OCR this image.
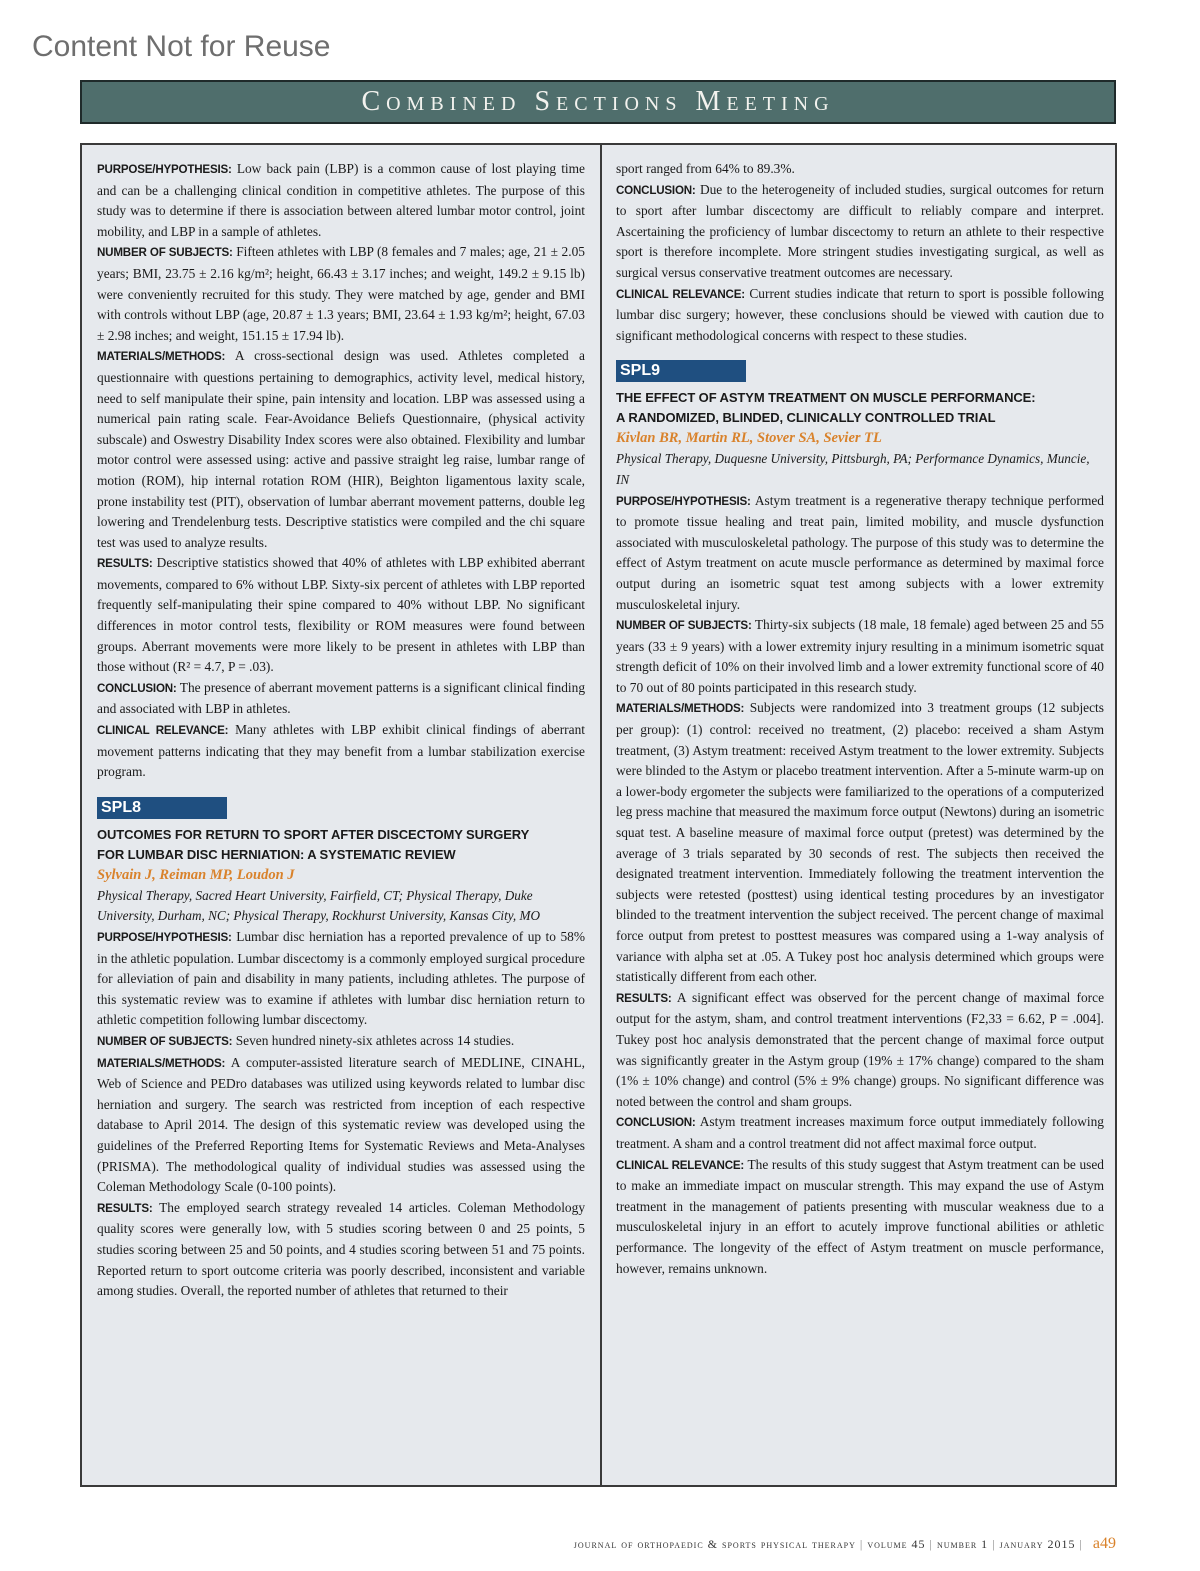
Content Not for Reuse
Combined Sections Meeting

PURPOSE/HYPOTHESIS: Low back pain (LBP) is a common cause of lost playing time and can be a challenging clinical condition in competitive athletes. The purpose of this study was to determine if there is association between altered lumbar motor control, joint mobility, and LBP in a sample of athletes.

NUMBER OF SUBJECTS: Fifteen athletes with LBP (8 females and 7 males; age, 21 ± 2.05 years; BMI, 23.75 ± 2.16 kg/m²; height, 66.43 ± 3.17 inches; and weight, 149.2 ± 9.15 lb) were conveniently recruited for this study. They were matched by age, gender and BMI with controls without LBP (age, 20.87 ± 1.3 years; BMI, 23.64 ± 1.93 kg/m²; height, 67.03 ± 2.98 inches; and weight, 151.15 ± 17.94 lb).

MATERIALS/METHODS: A cross-sectional design was used. Athletes completed a questionnaire with questions pertaining to demographics, activity level, medical history, need to self manipulate their spine, pain intensity and location. LBP was assessed using a numerical pain rating scale. Fear-Avoidance Beliefs Questionnaire, (physical activity subscale) and Oswestry Disability Index scores were also obtained. Flexibility and lumbar motor control were assessed using: active and passive straight leg raise, lumbar range of motion (ROM), hip internal rotation ROM (HIR), Beighton ligamentous laxity scale, prone instability test (PIT), observation of lumbar aberrant movement patterns, double leg lowering and Trendelenburg tests. Descriptive statistics were compiled and the chi square test was used to analyze results.

RESULTS: Descriptive statistics showed that 40% of athletes with LBP exhibited aberrant movements, compared to 6% without LBP. Sixty-six percent of athletes with LBP reported frequently self-manipulating their spine compared to 40% without LBP. No significant differences in motor control tests, flexibility or ROM measures were found between groups. Aberrant movements were more likely to be present in athletes with LBP than those without (R² = 4.7, P = .03).

CONCLUSION: The presence of aberrant movement patterns is a significant clinical finding and associated with LBP in athletes.

CLINICAL RELEVANCE: Many athletes with LBP exhibit clinical findings of aberrant movement patterns indicating that they may benefit from a lumbar stabilization exercise program.

SPL8
OUTCOMES FOR RETURN TO SPORT AFTER DISCECTOMY SURGERY
FOR LUMBAR DISC HERNIATION: A SYSTEMATIC REVIEW
Sylvain J, Reiman MP, Loudon J
Physical Therapy, Sacred Heart University, Fairfield, CT; Physical Therapy, Duke University, Durham, NC; Physical Therapy, Rockhurst University, Kansas City, MO

PURPOSE/HYPOTHESIS: Lumbar disc herniation has a reported prevalence of up to 58% in the athletic population. Lumbar discectomy is a commonly employed surgical procedure for alleviation of pain and disability in many patients, including athletes. The purpose of this systematic review was to examine if athletes with lumbar disc herniation return to athletic competition following lumbar discectomy.

NUMBER OF SUBJECTS: Seven hundred ninety-six athletes across 14 studies.

MATERIALS/METHODS: A computer-assisted literature search of MEDLINE, CINAHL, Web of Science and PEDro databases was utilized using keywords related to lumbar disc herniation and surgery. The search was restricted from inception of each respective database to April 2014. The design of this systematic review was developed using the guidelines of the Preferred Reporting Items for Systematic Reviews and Meta-Analyses (PRISMA). The methodological quality of individual studies was assessed using the Coleman Methodology Scale (0-100 points).

RESULTS: The employed search strategy revealed 14 articles. Coleman Methodology quality scores were generally low, with 5 studies scoring between 0 and 25 points, 5 studies scoring between 25 and 50 points, and 4 studies scoring between 51 and 75 points. Reported return to sport outcome criteria was poorly described, inconsistent and variable among studies. Overall, the reported number of athletes that returned to their

sport ranged from 64% to 89.3%.

CONCLUSION: Due to the heterogeneity of included studies, surgical outcomes for return to sport after lumbar discectomy are difficult to reliably compare and interpret. Ascertaining the proficiency of lumbar discectomy to return an athlete to their respective sport is therefore incomplete. More stringent studies investigating surgical, as well as surgical versus conservative treatment outcomes are necessary.

CLINICAL RELEVANCE: Current studies indicate that return to sport is possible following lumbar disc surgery; however, these conclusions should be viewed with caution due to significant methodological concerns with respect to these studies.

SPL9
THE EFFECT OF ASTYM TREATMENT ON MUSCLE PERFORMANCE:
A RANDOMIZED, BLINDED, CLINICALLY CONTROLLED TRIAL
Kivlan BR, Martin RL, Stover SA, Sevier TL
Physical Therapy, Duquesne University, Pittsburgh, PA; Performance Dynamics, Muncie, IN

PURPOSE/HYPOTHESIS: Astym treatment is a regenerative therapy technique performed to promote tissue healing and treat pain, limited mobility, and muscle dysfunction associated with musculoskeletal pathology. The purpose of this study was to determine the effect of Astym treatment on acute muscle performance as determined by maximal force output during an isometric squat test among subjects with a lower extremity musculoskeletal injury.

NUMBER OF SUBJECTS: Thirty-six subjects (18 male, 18 female) aged between 25 and 55 years (33 ± 9 years) with a lower extremity injury resulting in a minimum isometric squat strength deficit of 10% on their involved limb and a lower extremity functional score of 40 to 70 out of 80 points participated in this research study.

MATERIALS/METHODS: Subjects were randomized into 3 treatment groups (12 subjects per group): (1) control: received no treatment, (2) placebo: received a sham Astym treatment, (3) Astym treatment: received Astym treatment to the lower extremity. Subjects were blinded to the Astym or placebo treatment intervention. After a 5-minute warm-up on a lower-body ergometer the subjects were familiarized to the operations of a computerized leg press machine that measured the maximum force output (Newtons) during an isometric squat test. A baseline measure of maximal force output (pretest) was determined by the average of 3 trials separated by 30 seconds of rest. The subjects then received the designated treatment intervention. Immediately following the treatment intervention the subjects were retested (posttest) using identical testing procedures by an investigator blinded to the treatment intervention the subject received. The percent change of maximal force output from pretest to posttest measures was compared using a 1-way analysis of variance with alpha set at .05. A Tukey post hoc analysis determined which groups were statistically different from each other.

RESULTS: A significant effect was observed for the percent change of maximal force output for the astym, sham, and control treatment interventions (F2,33 = 6.62, P = .004]. Tukey post hoc analysis demonstrated that the percent change of maximal force output was significantly greater in the Astym group (19% ± 17% change) compared to the sham (1% ± 10% change) and control (5% ± 9% change) groups. No significant difference was noted between the control and sham groups.

CONCLUSION: Astym treatment increases maximum force output immediately following treatment. A sham and a control treatment did not affect maximal force output.

CLINICAL RELEVANCE: The results of this study suggest that Astym treatment can be used to make an immediate impact on muscular strength. This may expand the use of Astym treatment in the management of patients presenting with muscular weakness due to a musculoskeletal injury in an effort to acutely improve functional abilities or athletic performance. The longevity of the effect of Astym treatment on muscle performance, however, remains unknown.

journal of orthopaedic & sports physical therapy | volume 45 | number 1 | january 2015 | a49
